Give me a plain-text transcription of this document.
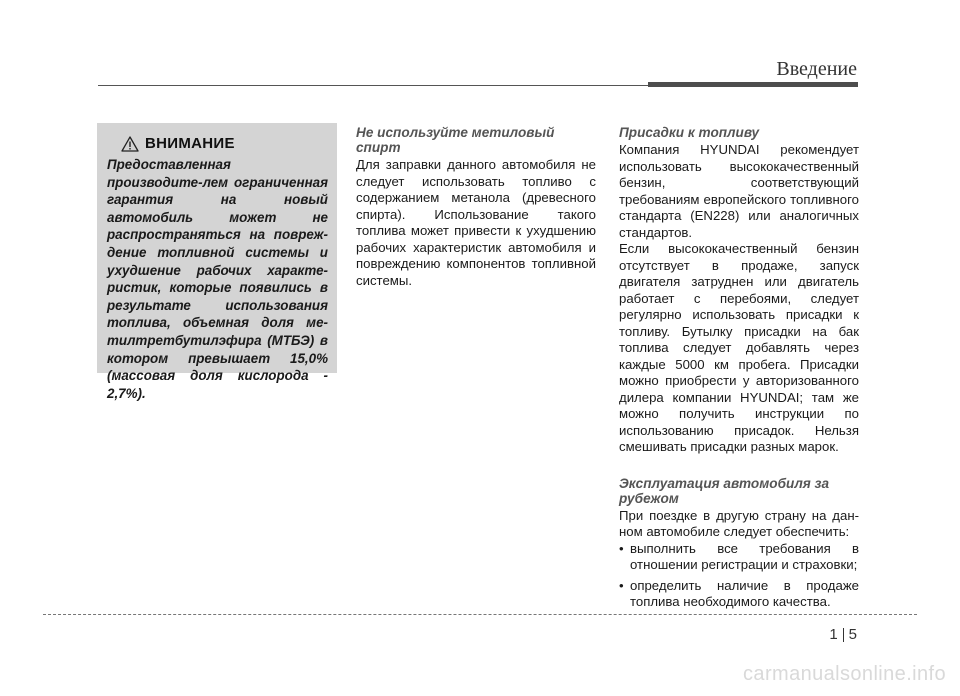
Введение
ВНИМАНИЕ
Предоставленная производите-лем ограниченная гарантия на новый автомобиль может не распространяться на повреж-дение топливной системы и ухудшение рабочих характе-ристик, которые появились в результате использования топлива, объемная доля ме-тилтретбутилэфира (МТБЭ) в котором превышает 15,0% (массовая доля кислорода - 2,7%).

Не используйте метиловый спирт

Для заправки данного автомобиля не следует использовать топливо с содержанием метанола (древесного спирта). Использование такого топлива может привести к ухудшению рабочих характеристик автомобиля и повреждению компонентов топливной системы.

Присадки к топливу

Компания HYUNDAI рекомендует использовать высококачественный бензин, соответствующий требованиям европейского топливного стандарта (EN228) или аналогичных стандартов.

Если высококачественный бензин отсутствует в продаже, запуск двигателя затруднен или двигатель работает с перебоями, следует регулярно использовать присадки к топливу. Бутылку присадки на бак топлива следует добавлять через каждые 5000 км пробега. Присадки можно приобрести у авторизованного дилера компании HYUNDAI; там же можно получить инструкции по использованию присадок. Нельзя смешивать присадки разных марок.

Эксплуатация автомобиля за рубежом

При поездке в другую страну на дан-ном автомобиле следует обеспечить:

• выполнить все требования в отношении регистрации и страховки;
• определить наличие в продаже топлива необходимого качества.
1 5
carmanualsonline.info
